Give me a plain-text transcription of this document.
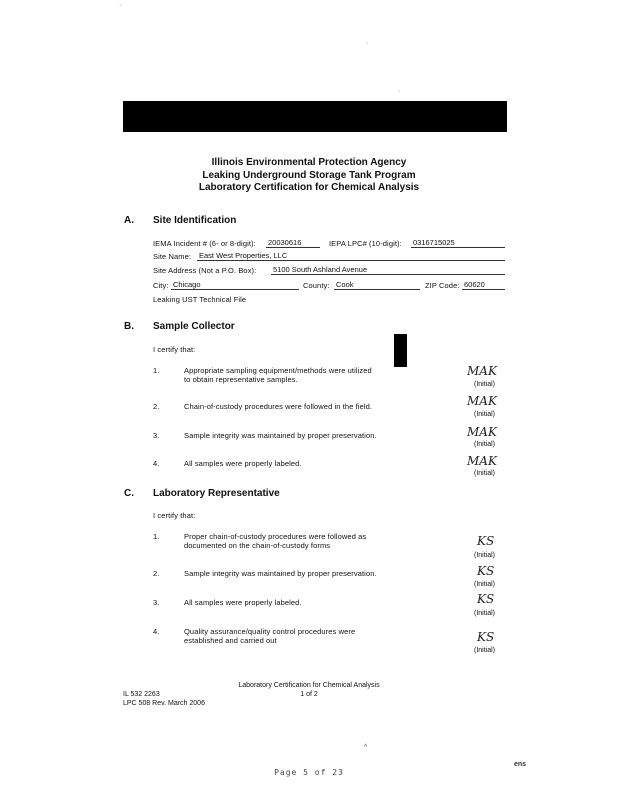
·
·
·
Illinois Environmental Protection Agency
Leaking Underground Storage Tank Program
Laboratory Certification for Chemical Analysis
A. Site Identification
IEMA Incident # (6- or 8-digit): 20030616	IEPA LPC# (10-digit): 0316715025
Site Name: East West Properties, LLC
Site Address (Not a P.O. Box): 5100 South Ashland Avenue
City: Chicago	County: Cook	ZIP Code: 60620
Leaking UST Technical File
B. Sample Collector
I certify that:
1.	Appropriate sampling equipment/methods were utilized
to obtain representative samples.
MAK
(Initial)
2.	Chain-of-custody procedures were followed in the field.	MAK
(Initial)
3.	Sample integrity was maintained by proper preservation.	MAK
(Initial)
4.	All samples were properly labeled.	MAK
(Initial)
C. Laboratory Representative
I certify that:
1.	Proper chain-of-custody procedures were followed as
documented on the chain-of-custody forms	KS
(Initial)
2.	Sample integrity was maintained by proper preservation.	KS
(Initial)
3.	All samples were properly labeled.	KS
(Initial)
4.	Quality assurance/quality control procedures were
established and carried out	KS
(Initial)
Laboratory Certification for Chemical Analysis
1 of 2
IL 532 2263
LPC 508 Rev. March 2006
^
Page 5 of 23
ens
